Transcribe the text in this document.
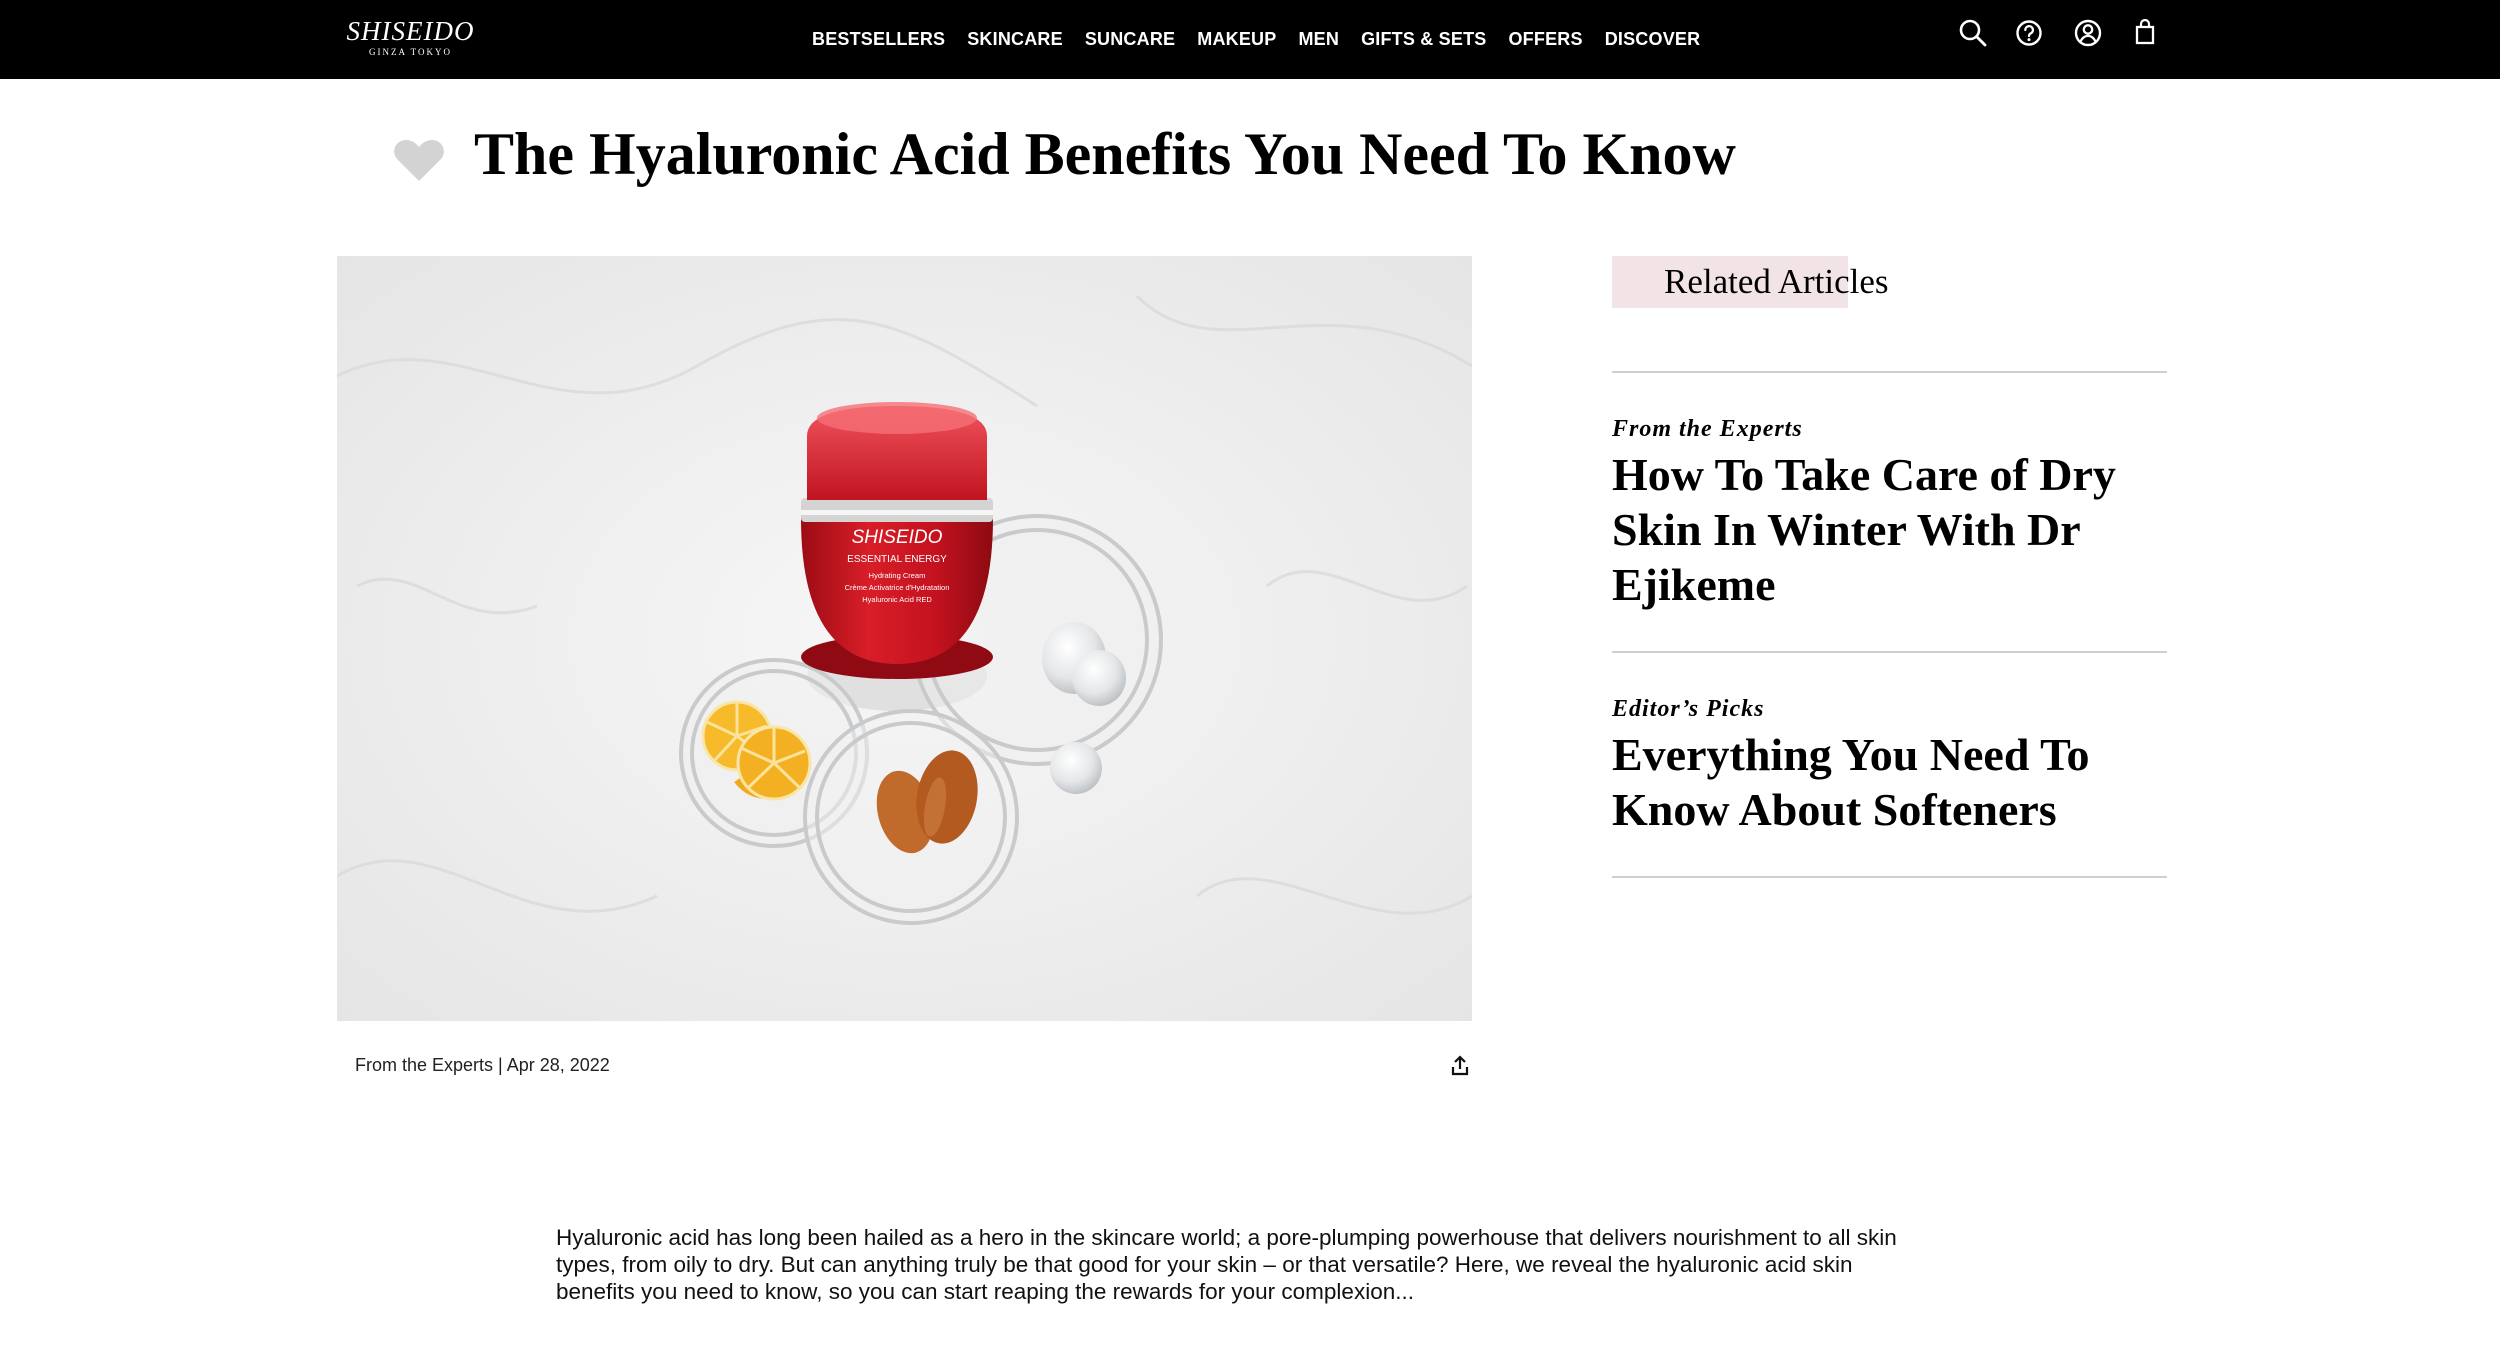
SHISEIDO
GINZA TOKYO
BESTSELLERS SKINCARE SUNCARE MAKEUP MEN GIFTS & SETS OFFERS DISCOVER
The Hyaluronic Acid Benefits You Need To Know
SHISEIDO
ESSENTIAL ENERGY
Hydrating Cream
Crème Activatrice d'Hydratation
Hyaluronic Acid RED

From the Experts | Apr 28, 2022

Related Articles
From the Experts
How To Take Care of Dry Skin In Winter With Dr Ejikeme
Editor’s Picks
Everything You Need To Know About Softeners

Hyaluronic acid has long been hailed as a hero in the skincare world; a pore-plumping powerhouse that delivers nourishment to all skin types, from oily to dry. But can anything truly be that good for your skin – or that versatile? Here, we reveal the hyaluronic acid skin benefits you need to know, so you can start reaping the rewards for your complexion...
